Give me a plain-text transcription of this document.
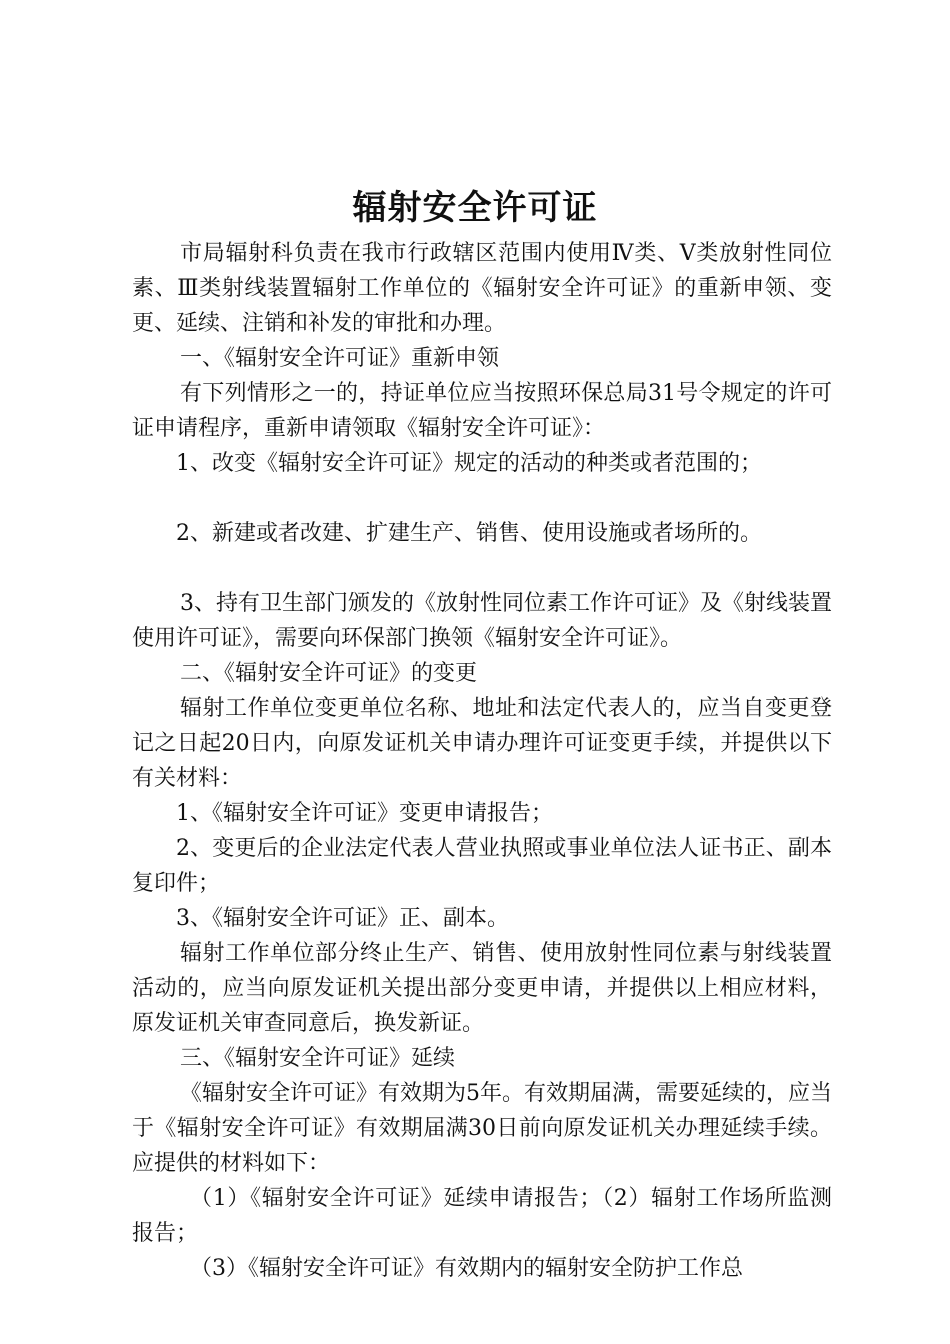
辐射安全许可证

市局辐射科负责在我市行政辖区范围内使用Ⅳ类、Ⅴ类放射性同位素、Ⅲ类射线装置辐射工作单位的《辐射安全许可证》的重新申领、变更、延续、注销和补发的审批和办理。

一、《辐射安全许可证》重新申领

有下列情形之一的，持证单位应当按照环保总局31号令规定的许可证申请程序，重新申请领取《辐射安全许可证》：

1、改变《辐射安全许可证》规定的活动的种类或者范围的；

2、新建或者改建、扩建生产、销售、使用设施或者场所的。

3、持有卫生部门颁发的《放射性同位素工作许可证》及《射线装置使用许可证》，需要向环保部门换领《辐射安全许可证》。

二、《辐射安全许可证》的变更

辐射工作单位变更单位名称、地址和法定代表人的，应当自变更登记之日起20日内，向原发证机关申请办理许可证变更手续，并提供以下有关材料：

1、《辐射安全许可证》变更申请报告；

2、变更后的企业法定代表人营业执照或事业单位法人证书正、副本复印件；

3、《辐射安全许可证》正、副本。

辐射工作单位部分终止生产、销售、使用放射性同位素与射线装置活动的，应当向原发证机关提出部分变更申请，并提供以上相应材料，原发证机关审查同意后，换发新证。

三、《辐射安全许可证》延续

《辐射安全许可证》有效期为5年。有效期届满，需要延续的，应当于《辐射安全许可证》有效期届满30日前向原发证机关办理延续手续。应提供的材料如下：

（1）《辐射安全许可证》延续申请报告；（2）辐射工作场所监测报告；

（3）《辐射安全许可证》有效期内的辐射安全防护工作总
